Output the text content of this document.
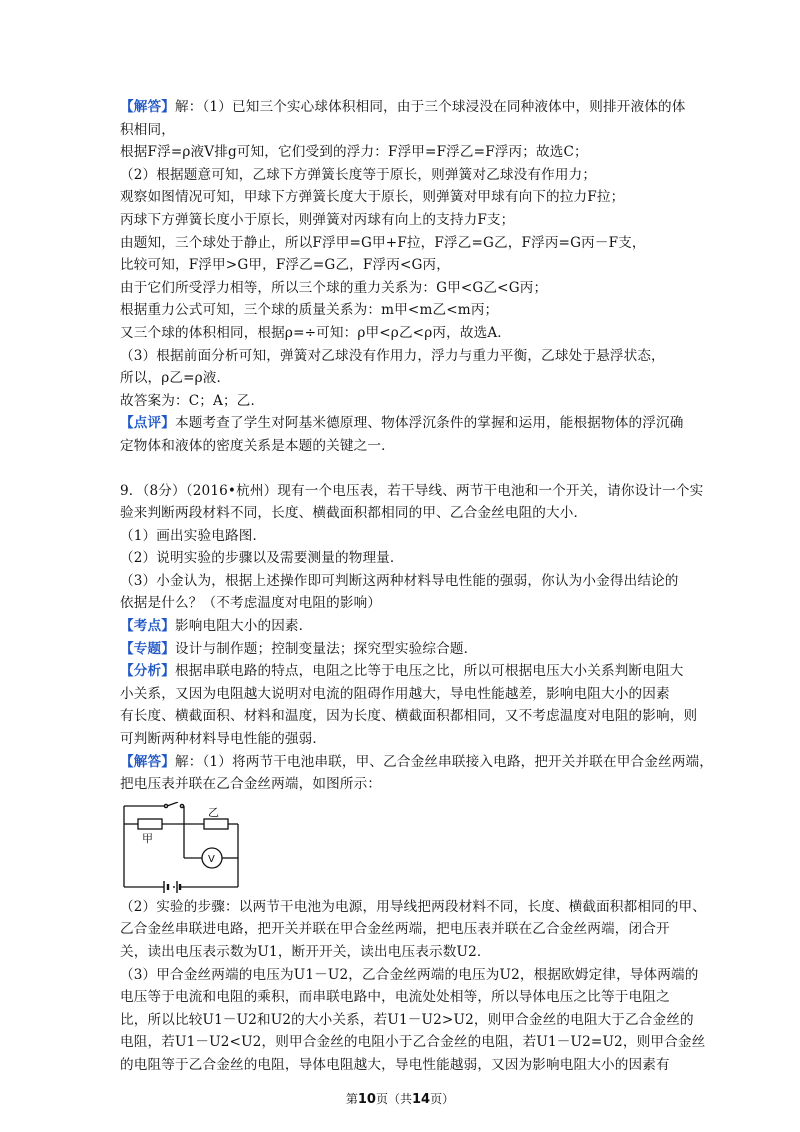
【解答】解：（1）已知三个实心球体积相同，由于三个球浸没在同种液体中，则排开液体的体
积相同，
根据F浮=ρ液V排g可知，它们受到的浮力：F浮甲=F浮乙=F浮丙；故选C；
（2）根据题意可知，乙球下方弹簧长度等于原长，则弹簧对乙球没有作用力；
观察如图情况可知，甲球下方弹簧长度大于原长，则弹簧对甲球有向下的拉力F拉；
丙球下方弹簧长度小于原长，则弹簧对丙球有向上的支持力F支；
由题知，三个球处于静止，所以F浮甲=G甲+F拉，F浮乙=G乙，F浮丙=G丙－F支，
比较可知，F浮甲>G甲，F浮乙=G乙，F浮丙<G丙，
由于它们所受浮力相等，所以三个球的重力关系为：G甲<G乙<G丙；
根据重力公式可知，三个球的质量关系为：m甲<m乙<m丙；
又三个球的体积相同，根据ρ=÷可知：ρ甲<ρ乙<ρ丙，故选A．
（3）根据前面分析可知，弹簧对乙球没有作用力，浮力与重力平衡，乙球处于悬浮状态，
所以，ρ乙=ρ液．
故答案为：C；A；乙．
【点评】本题考查了学生对阿基米德原理、物体浮沉条件的掌握和运用，能根据物体的浮沉确
定物体和液体的密度关系是本题的关键之一．
9．（8分）（2016•杭州）现有一个电压表，若干导线、两节干电池和一个开关，请你设计一个实
验来判断两段材料不同，长度、横截面积都相同的甲、乙合金丝电阻的大小．
（1）画出实验电路图．
（2）说明实验的步骤以及需要测量的物理量．
（3）小金认为，根据上述操作即可判断这两种材料导电性能的强弱，你认为小金得出结论的
依据是什么？（不考虑温度对电阻的影响）
【考点】影响电阻大小的因素．
【专题】设计与制作题；控制变量法；探究型实验综合题．
【分析】根据串联电路的特点，电阻之比等于电压之比，所以可根据电压大小关系判断电阻大
小关系，又因为电阻越大说明对电流的阻碍作用越大，导电性能越差，影响电阻大小的因素
有长度、横截面积、材料和温度，因为长度、横截面积都相同，又不考虑温度对电阻的影响，则
可判断两种材料导电性能的强弱．
【解答】解：（1）将两节干电池串联，甲、乙合金丝串联接入电路，把开关并联在甲合金丝两端，
把电压表并联在乙合金丝两端，如图所示：
甲
乙
V
（2）实验的步骤：以两节干电池为电源，用导线把两段材料不同，长度、横截面积都相同的甲、
乙合金丝串联进电路，把开关并联在甲合金丝两端，把电压表并联在乙合金丝两端，闭合开
关，读出电压表示数为U1，断开开关，读出电压表示数U2．
（3）甲合金丝两端的电压为U1－U2，乙合金丝两端的电压为U2，根据欧姆定律，导体两端的
电压等于电流和电阻的乘积，而串联电路中，电流处处相等，所以导体电压之比等于电阻之
比，所以比较U1－U2和U2的大小关系，若U1－U2>U2，则甲合金丝的电阻大于乙合金丝的
电阻，若U1－U2<U2，则甲合金丝的电阻小于乙合金丝的电阻，若U1－U2=U2，则甲合金丝
的电阻等于乙合金丝的电阻，导体电阻越大，导电性能越弱，又因为影响电阻大小的因素有
第10页（共14页）
